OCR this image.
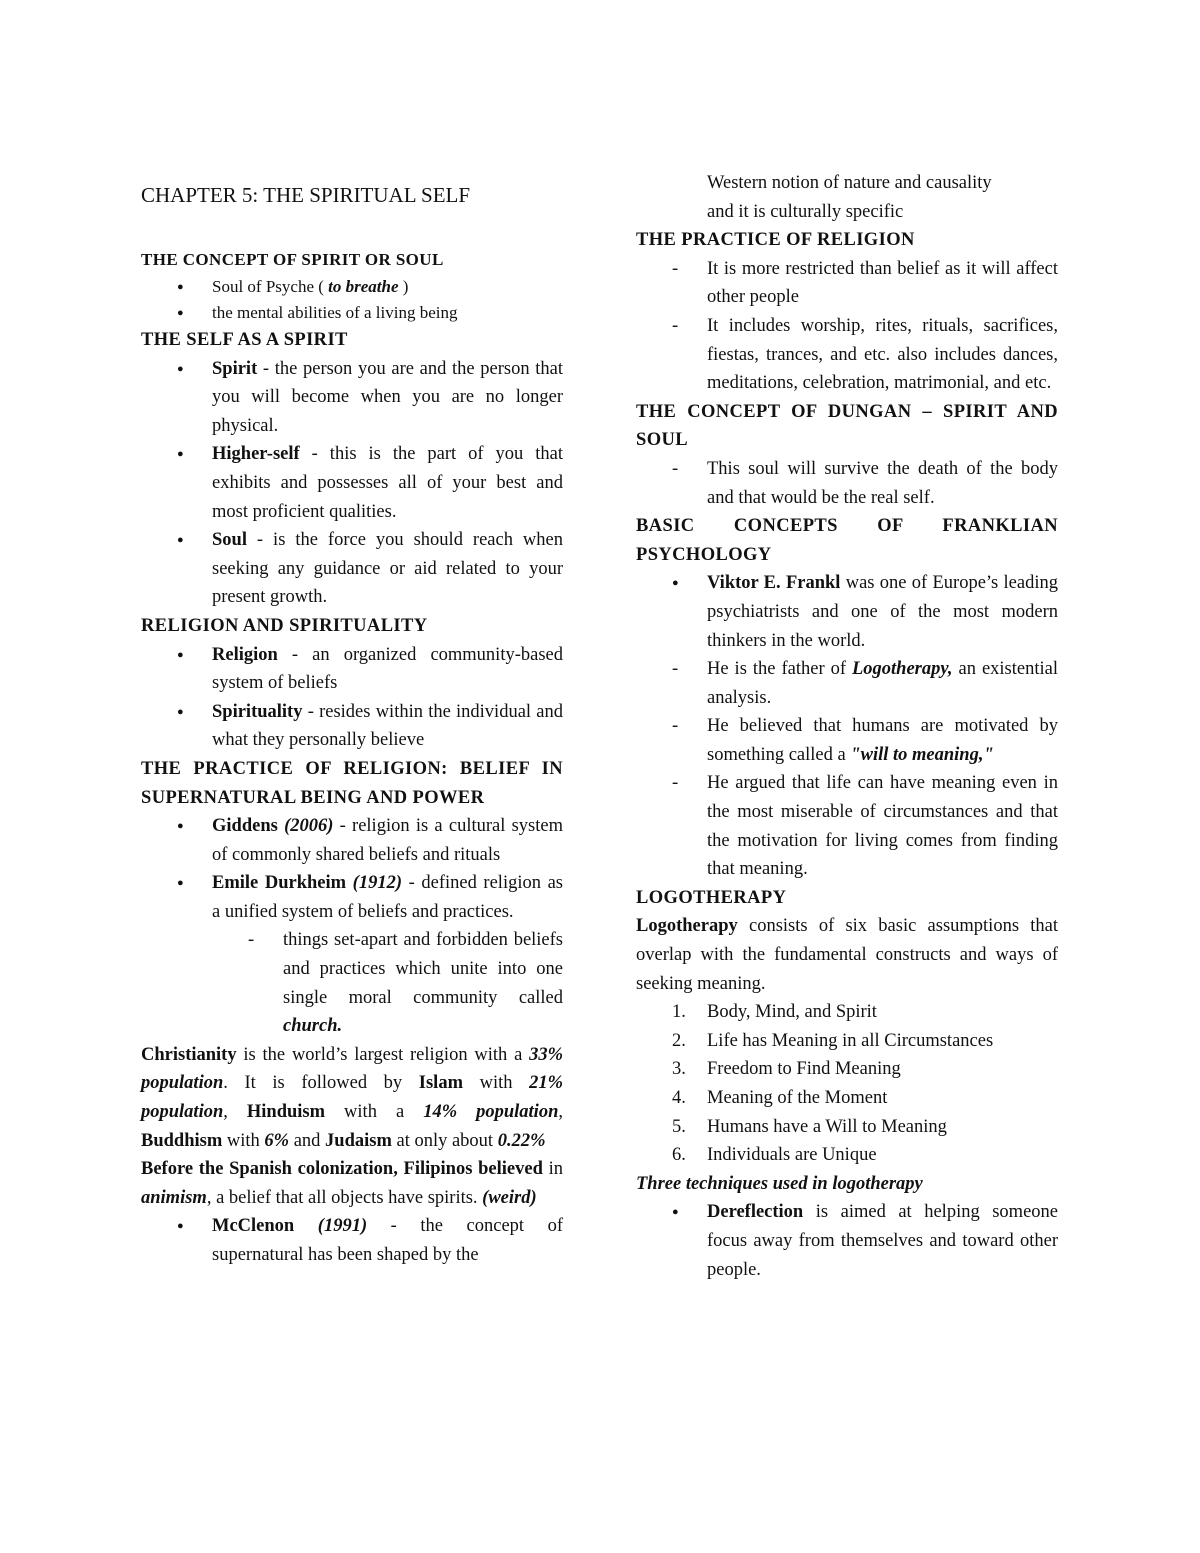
CHAPTER 5: THE SPIRITUAL SELF
THE CONCEPT OF SPIRIT OR SOUL
● Soul of Psyche ( to breathe )
● the mental abilities of a living being
THE SELF AS A SPIRIT
● Spirit - the person you are and the person that you will become when you are no longer physical.
● Higher-self - this is the part of you that exhibits and possesses all of your best and most proficient qualities.
● Soul - is the force you should reach when seeking any guidance or aid related to your present growth.
RELIGION AND SPIRITUALITY
● Religion - an organized community-based system of beliefs
● Spirituality - resides within the individual and what they personally believe
THE PRACTICE OF RELIGION: BELIEF IN SUPERNATURAL BEING AND POWER
● Giddens (2006) - religion is a cultural system of commonly shared beliefs and rituals
● Emile Durkheim (1912) - defined religion as a unified system of beliefs and practices.
- things set-apart and forbidden beliefs and practices which unite into one single moral community called church.

Christianity is the world’s largest religion with a 33% population. It is followed by Islam with 21% population, Hinduism with a 14% population, Buddhism with 6% and Judaism at only about 0.22%

Before the Spanish colonization, Filipinos believed in animism, a belief that all objects have spirits. (weird)

● McClenon (1991) - the concept of supernatural has been shaped by the
Western notion of nature and causality
and it is culturally specific
THE PRACTICE OF RELIGION
- It is more restricted than belief as it will affect other people
- It includes worship, rites, rituals, sacrifices, fiestas, trances, and etc. also includes dances, meditations, celebration, matrimonial, and etc.
THE CONCEPT OF DUNGAN – SPIRIT AND SOUL
- This soul will survive the death of the body and that would be the real self.
BASIC CONCEPTS OF FRANKLIAN PSYCHOLOGY
● Viktor E. Frankl was one of Europe’s leading psychiatrists and one of the most modern thinkers in the world.
- He is the father of Logotherapy, an existential analysis.
- He believed that humans are motivated by something called a "will to meaning,"
- He argued that life can have meaning even in the most miserable of circumstances and that the motivation for living comes from finding that meaning.
LOGOTHERAPY

Logotherapy consists of six basic assumptions that overlap with the fundamental constructs and ways of seeking meaning.

1. Body, Mind, and Spirit
2. Life has Meaning in all Circumstances
3. Freedom to Find Meaning
4. Meaning of the Moment
5. Humans have a Will to Meaning
6. Individuals are Unique
Three techniques used in logotherapy
● Dereflection is aimed at helping someone focus away from themselves and toward other people.
